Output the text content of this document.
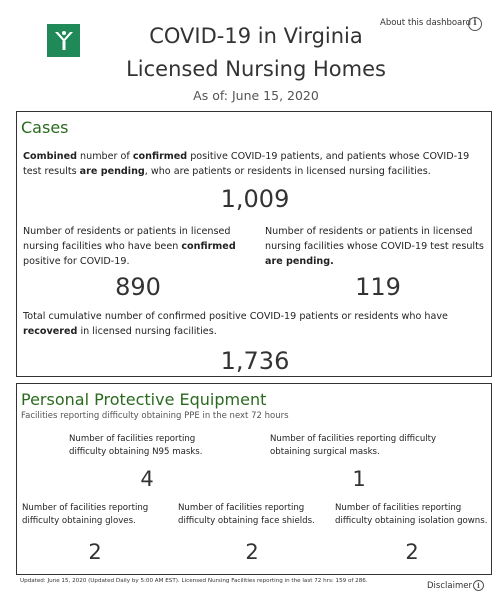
COVID-19 in Virginia
Licensed Nursing Homes
As of: June 15, 2020
About this dashboard i
Cases
Combined number of confirmed positive COVID-19 patients, and patients whose COVID-19 test results are pending, who are patients or residents in licensed nursing facilities.
1,009
Number of residents or patients in licensed nursing facilities who have been confirmed positive for COVID-19.
890
Number of residents or patients in licensed nursing facilities whose COVID-19 test results are pending.
119
Total cumulative number of confirmed positive COVID-19 patients or residents who have recovered in licensed nursing facilities.
1,736
Personal Protective Equipment
Facilities reporting difficulty obtaining PPE in the next 72 hours
Number of facilities reporting difficulty obtaining N95 masks.
4
Number of facilities reporting difficulty obtaining surgical masks.
1
Number of facilities reporting difficulty obtaining gloves.
2
Number of facilities reporting difficulty obtaining face shields.
2
Number of facilities reporting difficulty obtaining isolation gowns.
2
Updated: June 15, 2020 (Updated Daily by 5:00 AM EST). Licensed Nursing Facilities reporting in the last 72 hrs: 159 of 286.	Disclaimer i
